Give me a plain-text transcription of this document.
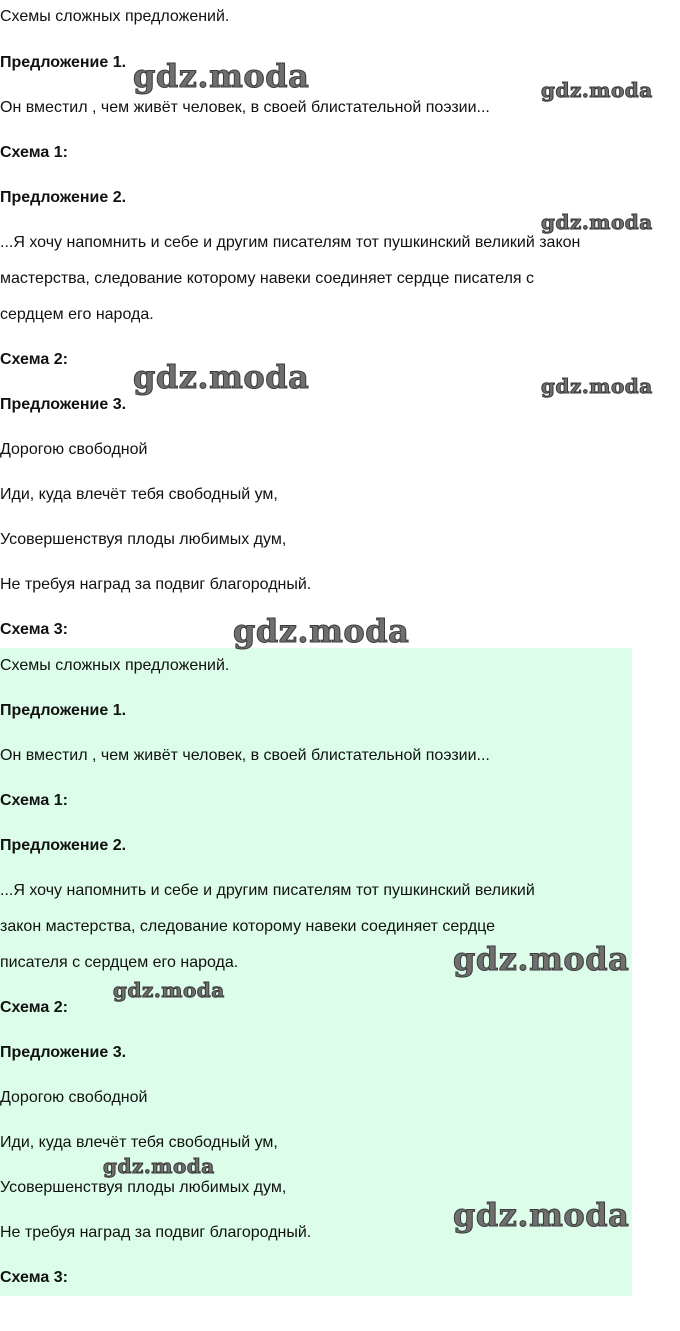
Схемы сложных предложений.
Предложение 1.
Он вместил , чем живёт человек, в своей блистательной поэзии...
Схема 1:
Предложение 2.
...Я хочу напомнить и себе и другим писателям тот пушкинский великий закон
мастерства, следование которому навеки соединяет сердце писателя с
сердцем его народа.
Схема 2:
Предложение 3.
Дорогою свободной
Иди, куда влечёт тебя свободный ум,
Усовершенствуя плоды любимых дум,
Не требуя наград за подвиг благородный.
Схема 3:
Схемы сложных предложений.
Предложение 1.
Он вместил , чем живёт человек, в своей блистательной поэзии...
Схема 1:
Предложение 2.
...Я хочу напомнить и себе и другим писателям тот пушкинский великий
закон мастерства, следование которому навеки соединяет сердце
писателя с сердцем его народа.
Схема 2:
Предложение 3.
Дорогою свободной
Иди, куда влечёт тебя свободный ум,
Усовершенствуя плоды любимых дум,
Не требуя наград за подвиг благородный.
Схема 3:
gdz.moda	gdz.moda
gdz.moda
gdz.moda	gdz.moda
gdz.moda
gdz.moda
gdz.moda
gdz.moda
gdz.moda
